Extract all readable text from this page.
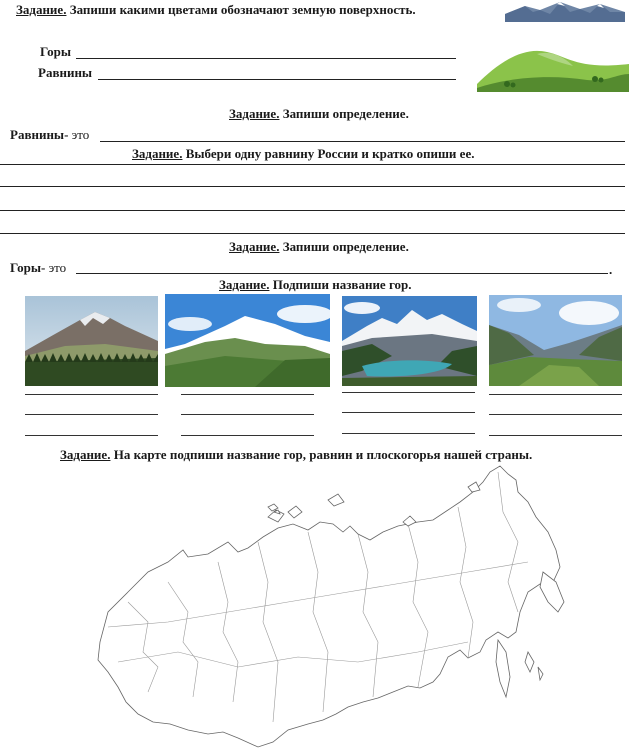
Задание. Запиши какими цветами обозначают земную поверхность.
Горы
Равнины
Задание. Запиши определение.
Равнины- это
Задание. Выбери одну равнину России и кратко опиши ее.
Задание. Запиши определение.
Горы- это	.
Задание. Подпиши название гор.
Задание. На карте подпиши название гор, равнин и плоскогорья нашей страны.
